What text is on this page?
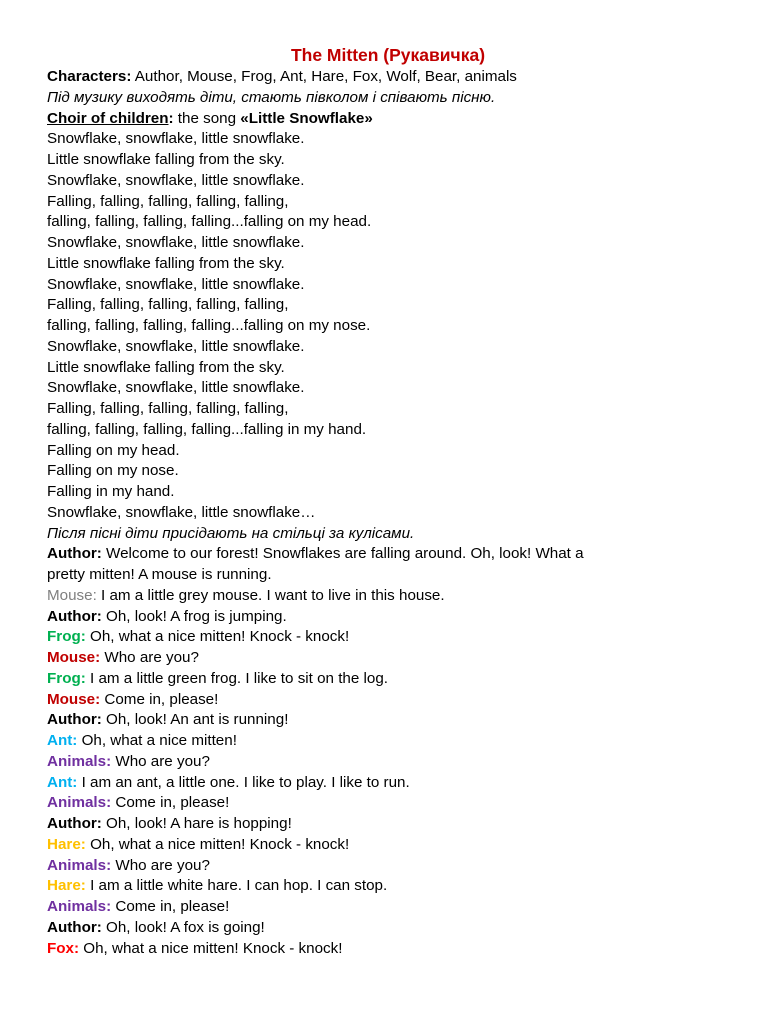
The Mitten (Рукавичка)
Characters: Author, Mouse, Frog, Ant, Hare, Fox, Wolf, Bear, animals
Під музику виходять діти, стають півколом і співають пісню.
Choir of children: the song «Little Snowflake»
Snowflake, snowflake, little snowflake.
Little snowflake falling from the sky.
Snowflake, snowflake, little snowflake.
Falling, falling, falling, falling, falling,
falling, falling, falling, falling...falling on my head.
Snowflake, snowflake, little snowflake.
Little snowflake falling from the sky.
Snowflake, snowflake, little snowflake.
Falling, falling, falling, falling, falling,
falling, falling, falling, falling...falling on my nose.
Snowflake, snowflake, little snowflake.
Little snowflake falling from the sky.
Snowflake, snowflake, little snowflake.
Falling, falling, falling, falling, falling,
falling, falling, falling, falling...falling in my hand.
Falling on my head.
Falling on my nose.
Falling in my hand.
Snowflake, snowflake, little snowflake…
Після пісні діти присідають на стільці за кулісами.
Author: Welcome to our forest! Snowflakes are falling around. Oh, look! What a pretty mitten! A mouse is running.
Mouse: I am a little grey mouse. I want to live in this house.
Author: Oh, look! A frog is jumping.
Frog: Oh, what a nice mitten! Knock - knock!
Mouse: Who are you?
Frog: I am a little green frog. I like to sit on the log.
Mouse: Come in, please!
Author: Oh, look! An ant is running!
Ant: Oh, what a nice mitten!
Animals: Who are you?
Ant: I am an ant, a little one. I like to play. I like to run.
Animals: Come in, please!
Author: Oh, look! A hare is hopping!
Hare: Oh, what a nice mitten! Knock - knock!
Animals: Who are you?
Hare: I am a little white hare. I can hop. I can stop.
Animals: Come in, please!
Author: Oh, look! A fox is going!
Fox: Oh, what a nice mitten! Knock - knock!
